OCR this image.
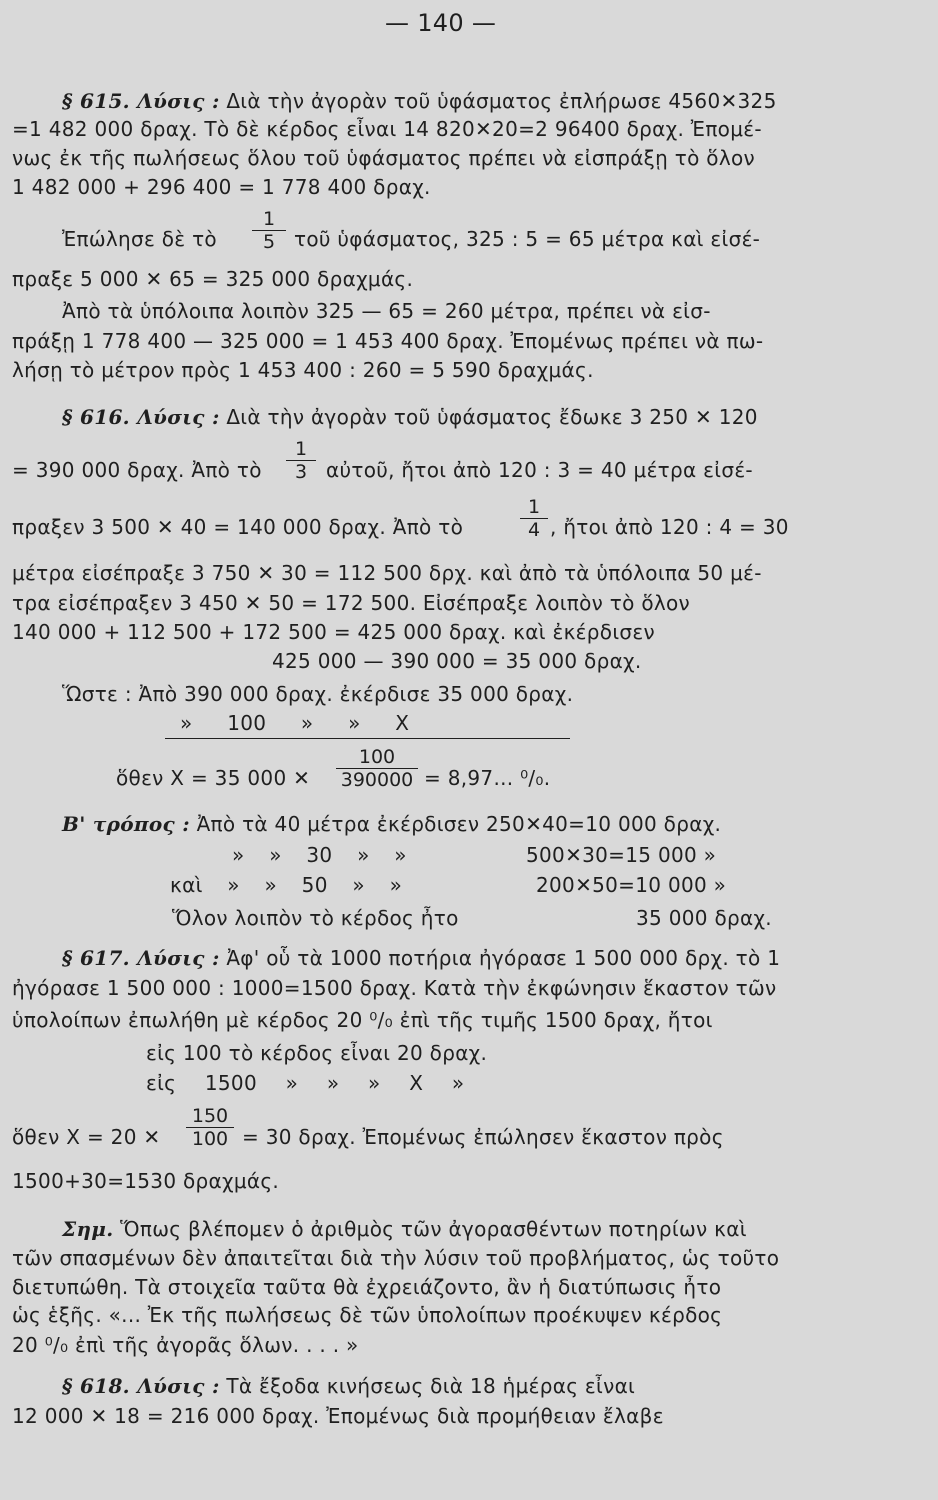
— 140 —
§ 615. Λύσις : Διὰ τὴν ἀγορὰν τοῦ ὑφάσματος ἐπλήρωσε 4560✕325
=1 482 000 δραχ. Τὸ δὲ κέρδος εἶναι 14 820✕20=2 96400 δραχ. Ἐπομέ-
νως ἐκ τῆς πωλήσεως ὅλου τοῦ ὑφάσματος πρέπει νὰ εἰσπράξῃ τὸ ὅλον
1 482 000 + 296 400 = 1 778 400 δραχ.
Ἐπώλησε δὲ τὸ
1
5 τοῦ ὑφάσματος, 325 : 5 = 65 μέτρα καὶ εἰσέ-
πραξε 5 000 ✕ 65 = 325 000 δραχμάς.
Ἀπὸ τὰ ὑπόλοιπα λοιπὸν 325 — 65 = 260 μέτρα, πρέπει νὰ εἰσ-
πράξῃ 1 778 400 — 325 000 = 1 453 400 δραχ. Ἐπομένως πρέπει νὰ πω-
λήσῃ τὸ μέτρον πρὸς 1 453 400 : 260 = 5 590 δραχμάς.
§ 616. Λύσις : Διὰ τὴν ἀγορὰν τοῦ ὑφάσματος ἔδωκε 3 250 ✕ 120
= 390 000 δραχ. Ἀπὸ τὸ
1
3 αὐτοῦ, ἤτοι ἀπὸ 120 : 3 = 40 μέτρα εἰσέ-
πραξεν 3 500 ✕ 40 = 140 000 δραχ. Ἀπὸ τὸ
1
4 , ἤτοι ἀπὸ 120 : 4 = 30
μέτρα εἰσέπραξε 3 750 ✕ 30 = 112 500 δρχ. καὶ ἀπὸ τὰ ὑπόλοιπα 50 μέ-
τρα εἰσέπραξεν 3 450 ✕ 50 = 172 500. Εἰσέπραξε λοιπὸν τὸ ὅλον
140 000 + 112 500 + 172 500 = 425 000 δραχ. καὶ ἐκέρδισεν
425 000 — 390 000 = 35 000 δραχ.
Ὥστε : Ἀπὸ 390 000 δραχ. ἐκέρδισε 35 000 δραχ.
» 100 » » X
ὅθεν X = 35 000 ✕
100
390000 = 8,97... ⁰/₀.
Β' τρόπος : Ἀπὸ τὰ 40 μέτρα ἐκέρδισεν 250✕40=10 000 δραχ.
» » 30 » »	500✕30=15 000 »
καὶ » » 50 » »	200✕50=10 000 »
Ὅλον λοιπὸν τὸ κέρδος ἦτο	35 000 δραχ.
§ 617. Λύσις : Ἀφ' οὗ τὰ 1000 ποτήρια ἠγόρασε 1 500 000 δρχ. τὸ 1
ἠγόρασε 1 500 000 : 1000=1500 δραχ. Κατὰ τὴν ἐκφώνησιν ἕκαστον τῶν
ὑπολοίπων ἐπωλήθη μὲ κέρδος 20 ⁰/₀ ἐπὶ τῆς τιμῆς 1500 δραχ, ἤτοι
εἰς 100 τὸ κέρδος εἶναι 20 δραχ.
εἰς 1500 » » » X »
ὅθεν X = 20 ✕
150
100 = 30 δραχ. Ἐπομένως ἐπώλησεν ἕκαστον πρὸς
1500+30=1530 δραχμάς.
Σημ. Ὅπως βλέπομεν ὁ ἀριθμὸς τῶν ἀγορασθέντων ποτηρίων καὶ
τῶν σπασμένων δὲν ἀπαιτεῖται διὰ τὴν λύσιν τοῦ προβλήματος, ὡς τοῦτο
διετυπώθη. Τὰ στοιχεῖα ταῦτα θὰ ἐχρειάζοντο, ἂν ἡ διατύπωσις ἦτο
ὡς ἑξῆς. «... Ἐκ τῆς πωλήσεως δὲ τῶν ὑπολοίπων προέκυψεν κέρδος
20 ⁰/₀ ἐπὶ τῆς ἀγορᾶς ὅλων. . . . »
§ 618. Λύσις : Τὰ ἔξοδα κινήσεως διὰ 18 ἡμέρας εἶναι
12 000 ✕ 18 = 216 000 δραχ. Ἐπομένως διὰ προμήθειαν ἔλαβε
